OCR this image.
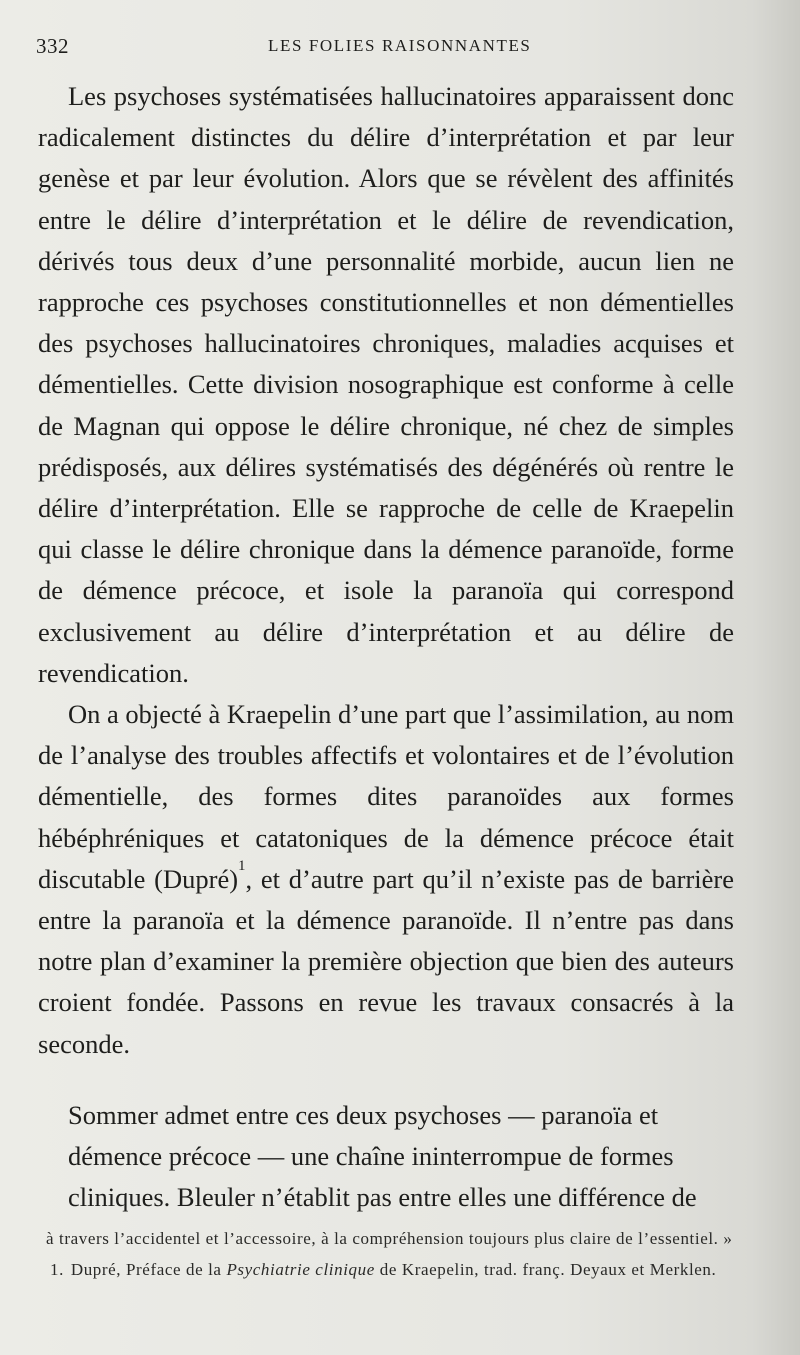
332	LES FOLIES RAISONNANTES

Les psychoses systématisées hallucinatoires apparaissent donc radicalement distinctes du délire d’interprétation et par leur genèse et par leur évolution. Alors que se révèlent des affinités entre le délire d’interprétation et le délire de revendication, dérivés tous deux d’une personnalité morbide, aucun lien ne rapproche ces psychoses constitutionnelles et non démentielles des psychoses hallucinatoires chroniques, maladies acquises et démentielles. Cette division nosographique est conforme à celle de Magnan qui oppose le délire chronique, né chez de simples prédisposés, aux délires systématisés des dégénérés où rentre le délire d’interprétation. Elle se rapproche de celle de Kraepelin qui classe le délire chronique dans la démence paranoïde, forme de démence précoce, et isole la paranoïa qui correspond exclusivement au délire d’interprétation et au délire de revendication.

On a objecté à Kraepelin d’une part que l’assimilation, au nom de l’analyse des troubles affectifs et volontaires et de l’évolution démentielle, des formes dites paranoïdes aux formes hébéphréniques et catatoniques de la démence précoce était discutable (Dupré)$^1$, et d’autre part qu’il n’existe pas de barrière entre la paranoïa et la démence paranoïde. Il n’entre pas dans notre plan d’examiner la première objection que bien des auteurs croient fondée. Passons en revue les travaux consacrés à la seconde.

Sommer admet entre ces deux psychoses — paranoïa et
démence précoce — une chaîne ininterrompue de formes
cliniques. Bleuler n’établit pas entre elles une différence de

à travers l’accidentel et l’accessoire, à la compréhension toujours plus claire de l’essentiel. »

1. Dupré, Préface de la Psychiatrie clinique de Kraepelin, trad. franç. Deyaux et Merklen.
